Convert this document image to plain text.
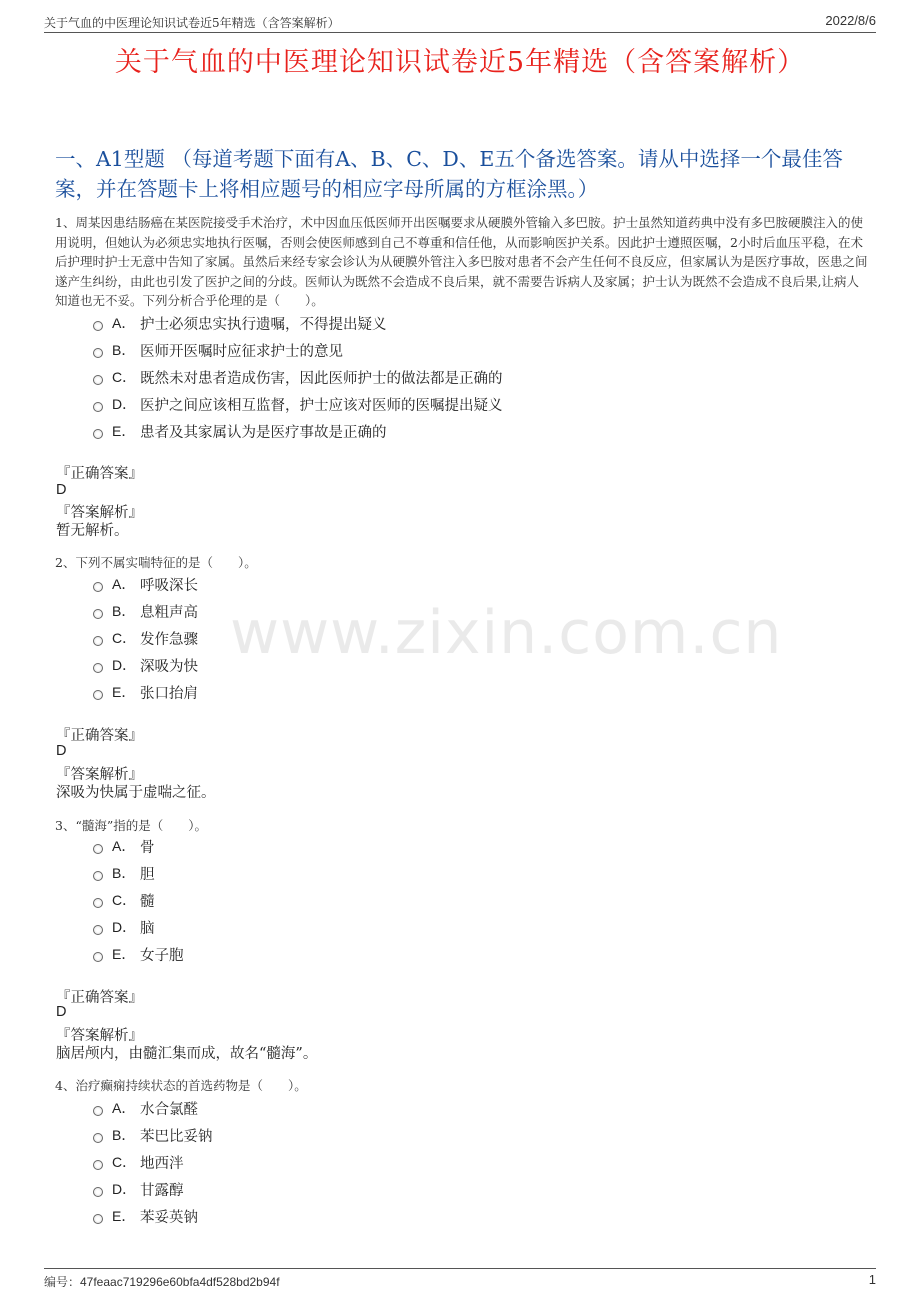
关于气血的中医理论知识试卷近5年精选（含答案解析）	2022/8/6
关于气血的中医理论知识试卷近5年精选（含答案解析）
一、A1型题 （每道考题下面有A、B、C、D、E五个备选答案。请从中选择一个最佳答案，并在答题卡上将相应题号的相应字母所属的方框涂黑。）
1、周某因患结肠癌在某医院接受手术治疗，术中因血压低医师开出医嘱要求从硬膜外管输入多巴胺。护士虽然知道药典中没有多巴胺硬膜注入的使用说明，但她认为必须忠实地执行医嘱，否则会使医师感到自己不尊重和信任他，从而影响医护关系。因此护士遵照医嘱，2小时后血压平稳，在术后护理时护士无意中告知了家属。虽然后来经专家会诊认为从硬膜外管注入多巴胺对患者不会产生任何不良反应，但家属认为是医疗事故，医患之间遂产生纠纷，由此也引发了医护之间的分歧。医师认为既然不会造成不良后果，就不需要告诉病人及家属；护士认为既然不会造成不良后果,让病人知道也无不妥。下列分析合乎伦理的是（　　）。
A． 护士必须忠实执行遗嘱，不得提出疑义
B． 医师开医嘱时应征求护士的意见
C． 既然未对患者造成伤害，因此医师护士的做法都是正确的
D． 医护之间应该相互监督，护士应该对医师的医嘱提出疑义
E． 患者及其家属认为是医疗事故是正确的
『正确答案』
D
『答案解析』
暂无解析。
www.zixin.com.cn
2、下列不属实喘特征的是（　　）。
A． 呼吸深长
B． 息粗声高
C． 发作急骤
D． 深吸为快
E． 张口抬肩
『正确答案』
D
『答案解析』
深吸为快属于虚喘之征。
3、“髓海”指的是（　　）。
A． 骨
B． 胆
C． 髓
D． 脑
E． 女子胞
『正确答案』
D
『答案解析』
脑居颅内，由髓汇集而成，故名“髓海”。
4、治疗癫痫持续状态的首选药物是（　　）。
A． 水合氯醛
B． 苯巴比妥钠
C． 地西泮
D． 甘露醇
E． 苯妥英钠
编号：47feaac719296e60bfa4df528bd2b94f	1
